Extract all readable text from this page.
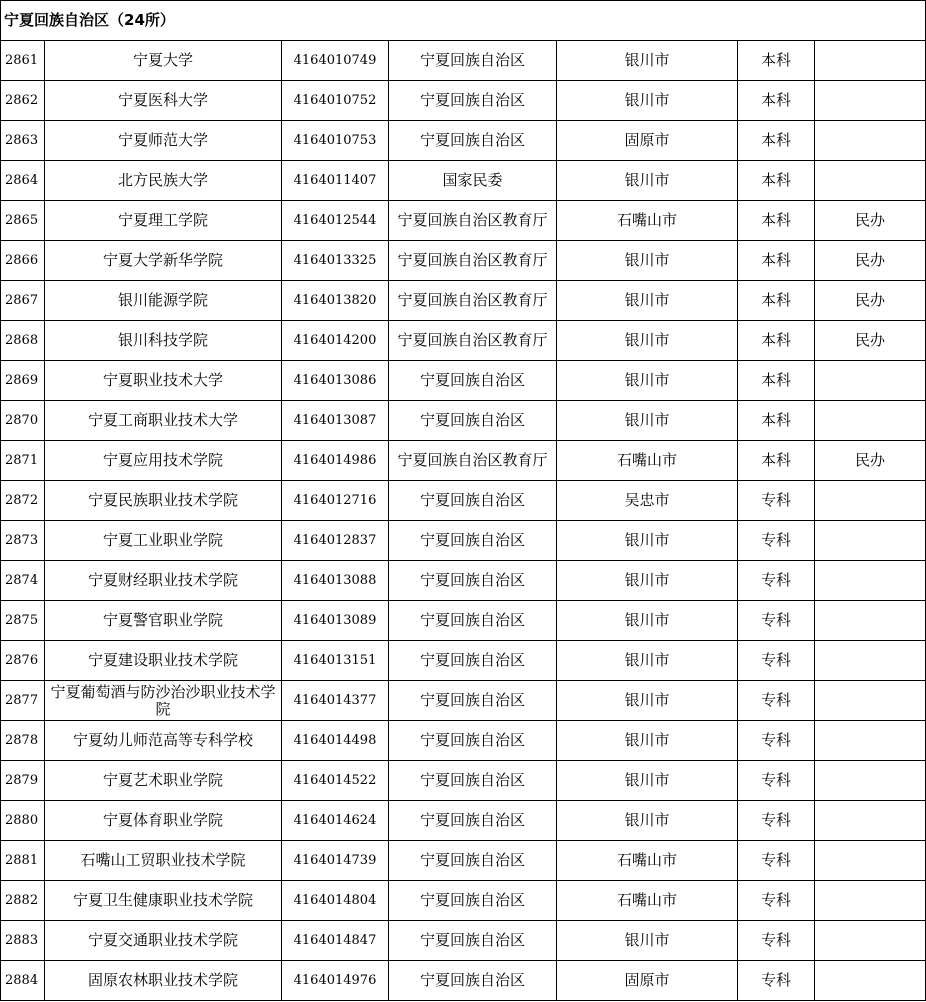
宁夏回族自治区（24所）						
2861	宁夏大学	4164010749	宁夏回族自治区	银川市	本科	
2862	宁夏医科大学	4164010752	宁夏回族自治区	银川市	本科	
2863	宁夏师范大学	4164010753	宁夏回族自治区	固原市	本科	
2864	北方民族大学	4164011407	国家民委	银川市	本科	
2865	宁夏理工学院	4164012544	宁夏回族自治区教育厅	石嘴山市	本科	民办
2866	宁夏大学新华学院	4164013325	宁夏回族自治区教育厅	银川市	本科	民办
2867	银川能源学院	4164013820	宁夏回族自治区教育厅	银川市	本科	民办
2868	银川科技学院	4164014200	宁夏回族自治区教育厅	银川市	本科	民办
2869	宁夏职业技术大学	4164013086	宁夏回族自治区	银川市	本科	
2870	宁夏工商职业技术大学	4164013087	宁夏回族自治区	银川市	本科	
2871	宁夏应用技术学院	4164014986	宁夏回族自治区教育厅	石嘴山市	本科	民办
2872	宁夏民族职业技术学院	4164012716	宁夏回族自治区	吴忠市	专科	
2873	宁夏工业职业学院	4164012837	宁夏回族自治区	银川市	专科	
2874	宁夏财经职业技术学院	4164013088	宁夏回族自治区	银川市	专科	
2875	宁夏警官职业学院	4164013089	宁夏回族自治区	银川市	专科	
2876	宁夏建设职业技术学院	4164013151	宁夏回族自治区	银川市	专科	
2877	宁夏葡萄酒与防沙治沙职业技术学院	4164014377	宁夏回族自治区	银川市	专科	
2878	宁夏幼儿师范高等专科学校	4164014498	宁夏回族自治区	银川市	专科	
2879	宁夏艺术职业学院	4164014522	宁夏回族自治区	银川市	专科	
2880	宁夏体育职业学院	4164014624	宁夏回族自治区	银川市	专科	
2881	石嘴山工贸职业技术学院	4164014739	宁夏回族自治区	石嘴山市	专科	
2882	宁夏卫生健康职业技术学院	4164014804	宁夏回族自治区	石嘴山市	专科	
2883	宁夏交通职业技术学院	4164014847	宁夏回族自治区	银川市	专科	
2884	固原农林职业技术学院	4164014976	宁夏回族自治区	固原市	专科	
